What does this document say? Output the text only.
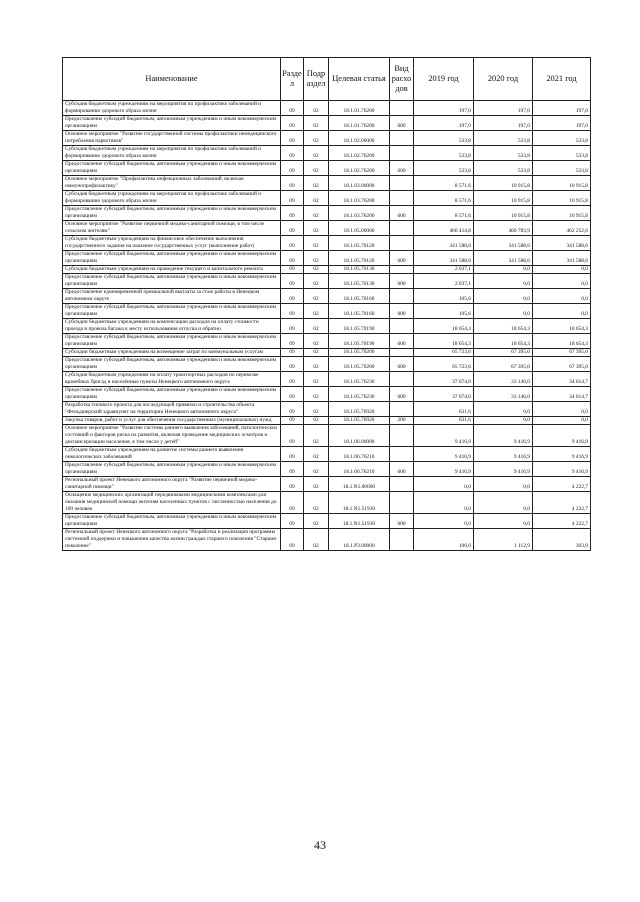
Наименование	Разде л	Подр аздел	Целевая статья	Вид расхо дов	2019 год	2020 год	2021 год
Субсидия бюджетным учреждениям на мероприятия по профилактике заболеваний и формированию здорового образа жизни	09	02	18.1.01.76200		197,0	197,0	197,0
Предоставление субсидий бюджетным, автономным учреждениям и иным некоммерческим организациям	09	02	18.1.01.76200	600	197,0	197,0	197,0
Основное мероприятие "Развитие государственной системы профилактики немедицинского потребления наркотиков"	09	02	18.1.02.00000		533,8	533,8	533,8
Субсидия бюджетным учреждениям на мероприятия по профилактике заболеваний и формированию здорового образа жизни	09	02	18.1.02.76200		533,8	533,8	533,8
Предоставление субсидий бюджетным, автономным учреждениям и иным некоммерческим организациям	09	02	18.1.02.76200	600	533,8	533,8	533,8
Основное мероприятие "Профилактика инфекционных заболеваний, включая иммунопрофилактику"	09	02	18.1.03.00000		8 571,6	10 915,8	10 915,8
Субсидия бюджетным учреждениям на мероприятия по профилактике заболеваний и формированию здорового образа жизни	09	02	18.1.03.76200		8 571,6	10 915,8	10 915,8
Предоставление субсидий бюджетным, автономным учреждениям и иным некоммерческим организациям	09	02	18.1.03.76200	600	8 571,6	10 915,8	10 915,8
Основное мероприятие "Развитие первичной медико-санитарной помощи, в том числе сельским жителям"	09	02	18.1.05.00000		466 414,8	460 783,9	462 252,6
Субсидии бюджетным учреждениям на финансовое обеспечение выполнения государственного задания на оказание государственных услуг (выполнение работ)	09	02	18.1.05.70120		341 588,6	341 588,6	341 588,6
Предоставление субсидий бюджетным, автономным учреждениям и иным некоммерческим организациям	09	02	18.1.05.70120	600	341 588,6	341 588,6	341 588,6
Субсидии бюджетным учреждениям на проведение текущего и капитального ремонта	09	02	18.1.05.70130		2 037,1	0,0	0,0
Предоставление субсидий бюджетным, автономным учреждениям и иным некоммерческим организациям	09	02	18.1.05.70130	600	2 037,1	0,0	0,0
Предоставление единовременной премиальной выплаты за стаж работы в Ненецком автономном округе	09	02	18.1.05.70160		105,6	0,0	0,0
Предоставление субсидий бюджетным, автономным учреждениям и иным некоммерческим организациям	09	02	18.1.05.70160	600	105,6	0,0	0,0
Субсидии бюджетным учреждениям на компенсацию расходов на оплату стоимости проезда и провоза багажа к месту использования отпуска и обратно	09	02	18.1.05.70190		18 654,3	18 654,3	18 654,3
Предоставление субсидий бюджетным, автономным учреждениям и иным некоммерческим организациям	09	02	18.1.05.70190	600	18 654,3	18 654,3	18 654,3
Субсидии бюджетным учреждениям на возмещение затрат по коммунальным услугам	09	02	18.1.05.70200		65 723,6	67 395,0	67 395,0
Предоставление субсидий бюджетным, автономным учреждениям и иным некоммерческим организациям	09	02	18.1.05.70200	600	65 723,6	67 395,0	67 395,0
Субсидия бюджетным учреждениям на оплату транспортных расходов по перевозке врачебных бригад в населённые пункты Ненецкого автономного округа	09	02	18.1.05.76230		37 674,0	33 146,0	34 614,7
Предоставление субсидий бюджетным, автономным учреждениям и иным некоммерческим организациям	09	02	18.1.05.76230	600	37 674,0	33 146,0	34 614,7
Разработка типового проекта для последующей привязки и строительства объекта "Фельдшерский здравпункт на территории Ненецкого автономного округа"	09	02	18.1.05.76920		631,6	0,0	0,0
Закупка товаров, работ и услуг для обеспечения государственных (муниципальных) нужд	09	02	18.1.05.76920	200	631,6	0,0	0,0
Основное мероприятие "Развитие системы раннего выявления заболеваний, патологических состояний и факторов риска их развития, включая проведение медицинских осмотров и диспансеризации населения, в том числе у детей"	09	02	18.1.06.00000		9 416,9	9 416,9	9 416,9
Субсидии бюджетным учреждениям на развитие системы раннего выявления онкологических заболеваний	09	02	18.1.06.76210		9 416,9	9 416,9	9 416,9
Предоставление субсидий бюджетным, автономным учреждениям и иным некоммерческим организациям	09	02	18.1.06.76210	600	9 416,9	9 416,9	9 416,9
Региональный проект Ненецкого автономного округа "Развитие первичной медико-санитарной помощи"	09	02	18.1.N1.00000		0,0	0,0	4 222,7
Оснащение медицинских организаций передвижными медицинскими комплексами для оказания медицинской помощи жителям населенных пунктов с численностью населения до 100 человек	09	02	18.1.N1.51910		0,0	0,0	4 222,7
Предоставление субсидий бюджетным, автономным учреждениям и иным некоммерческим организациям	09	02	18.1.N1.51910	600	0,0	0,0	4 222,7
Региональный проект Ненецкого автономного округа "Разработка и реализация программы системной поддержки и повышения качества жизни граждан старшего поколения "Старшее поколение"	09	02	18.1.P3.00000		106,0	1 112,9	303,0
43
